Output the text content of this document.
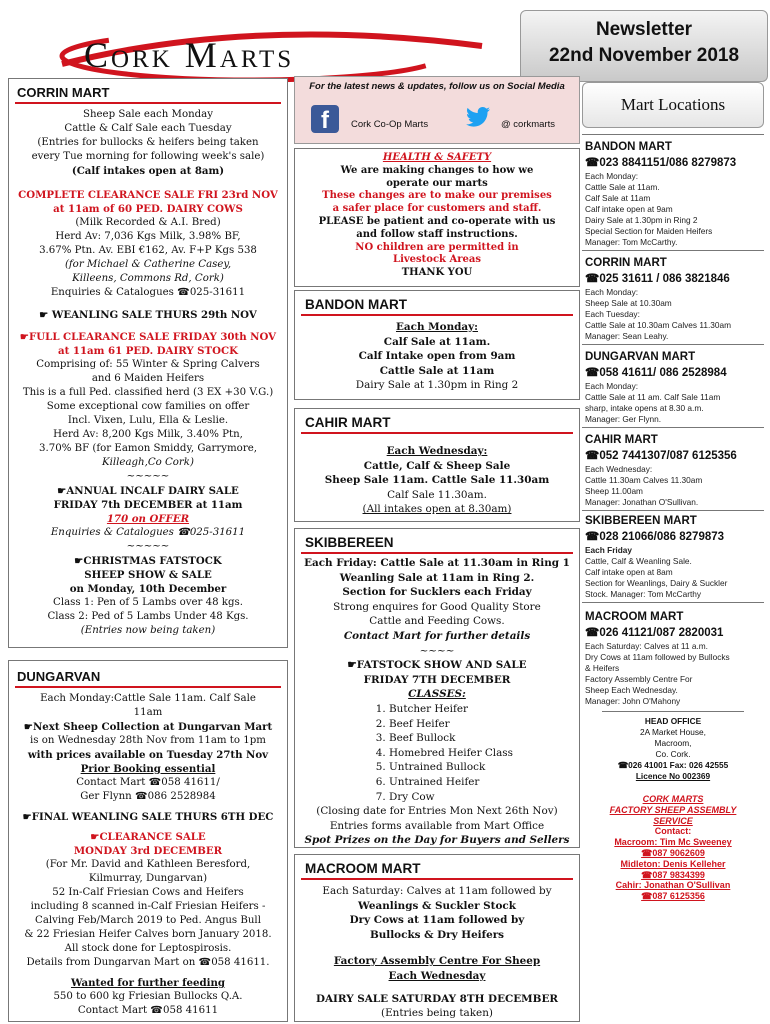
Cork Marts
Newsletter
22nd November 2018
CORRIN MART
Sheep Sale each Monday
Cattle & Calf Sale each Tuesday
(Entries for bullocks & heifers being taken
every Tue morning for following week's sale)
(Calf intakes open at 8am)
COMPLETE CLEARANCE SALE FRI 23rd NOV
at 11am of 60 PED. DAIRY COWS
(Milk Recorded & A.I. Bred)
Herd Av: 7,036 Kgs Milk, 3.98% BF,
3.67% Ptn. Av. EBI €162, Av. F+P Kgs 538
(for Michael & Catherine Casey,
Killeens, Commons Rd, Cork)
Enquiries & Catalogues ☎025-31611
☛ WEANLING SALE THURS 29th NOV
☛FULL CLEARANCE SALE FRIDAY 30th NOV
at 11am 61 PED. DAIRY STOCK
Comprising of: 55 Winter & Spring Calvers
and 6 Maiden Heifers
This is a full Ped. classified herd (3 EX +30 V.G.)
Some exceptional cow families on offer
Incl. Vixen, Lulu, Ella & Leslie.
Herd Av: 8,200 Kgs Milk, 3.40% Ptn,
3.70% BF (for Eamon Smiddy, Garrymore,
Killeagh,Co Cork)
~~~~~
☛ANNUAL INCALF DAIRY SALE
FRIDAY 7th DECEMBER at 11am
170 on OFFER
Enquiries & Catalogues ☎025-31611
~~~~~
☛CHRISTMAS FATSTOCK
SHEEP SHOW & SALE
on Monday, 10th December
Class 1: Pen of 5 Lambs over 48 kgs.
Class 2: Ped of 5 Lambs Under 48 Kgs.
(Entries now being taken)
DUNGARVAN
Each Monday:Cattle Sale 11am. Calf Sale
11am
☛Next Sheep Collection at Dungarvan Mart
is on Wednesday 28th Nov from 11am to 1pm
with prices available on Tuesday 27th Nov
Prior Booking essential
Contact Mart ☎058 41611/
Ger Flynn ☎086 2528984
☛FINAL WEANLING SALE THURS 6TH DEC
☛CLEARANCE SALE
MONDAY 3rd DECEMBER
(For Mr. David and Kathleen Beresford,
Kilmurray, Dungarvan)
52 In-Calf Friesian Cows and Heifers
including 8 scanned in-Calf Friesian Heifers -
Calving Feb/March 2019 to Ped. Angus Bull
& 22 Friesian Heifer Calves born January 2018.
All stock done for Leptospirosis.
Details from Dungarvan Mart on ☎058 41611.
Wanted for further feeding
550 to 600 kg Friesian Bullocks Q.A.
Contact Mart ☎058 41611
For the latest news & updates, follow us on Social Media
f	Cork Co-Op Marts	@ corkmarts
HEALTH & SAFETY
We are making changes to how we
operate our marts
These changes are to make our premises
a safer place for customers and staff.
PLEASE be patient and co-operate with us
and follow staff instructions.
NO children are permitted in
Livestock Areas
THANK YOU
BANDON MART
Each Monday:
Calf Sale at 11am.
Calf Intake open from 9am
Cattle Sale at 11am
Dairy Sale at 1.30pm in Ring 2
CAHIR MART
Each Wednesday:
Cattle, Calf & Sheep Sale
Sheep Sale 11am. Cattle Sale 11.30am
Calf Sale 11.30am.
(All intakes open at 8.30am)
SKIBBEREEN
Each Friday: Cattle Sale at 11.30am in Ring 1
Weanling Sale at 11am in Ring 2.
Section for Sucklers each Friday
Strong enquires for Good Quality Store
Cattle and Feeding Cows.
Contact Mart for further details
~~~~
☛FATSTOCK SHOW AND SALE
FRIDAY 7TH DECEMBER
CLASSES:
1. Butcher Heifer
2. Beef Heifer
3. Beef Bullock
4. Homebred Heifer Class
5. Untrained Bullock
6. Untrained Heifer
7. Dry Cow
(Closing date for Entries Mon Next 26th Nov)
Entries forms available from Mart Office
Spot Prizes on the Day for Buyers and Sellers
MACROOM MART
Each Saturday: Calves at 11am followed by
Weanlings & Suckler Stock
Dry Cows at 11am followed by
Bullocks & Dry Heifers
Factory Assembly Centre For Sheep
Each Wednesday
DAIRY SALE SATURDAY 8TH DECEMBER
(Entries being taken)
Mart Locations
BANDON MART
☎023 8841151/086 8279873
Each Monday:
Cattle Sale at 11am.
Calf Sale at 11am
Calf intake open at 9am
Dairy Sale at 1.30pm in Ring 2
Special Section for Maiden Heifers
Manager: Tom McCarthy.
CORRIN MART
☎025 31611 / 086 3821846
Each Monday:
Sheep Sale at 10.30am
Each Tuesday:
Cattle Sale at 10.30am Calves 11.30am
Manager: Sean Leahy.
DUNGARVAN MART
☎058 41611/ 086 2528984
Each Monday:
Cattle Sale at 11 am. Calf Sale 11am
sharp, intake opens at 8.30 a.m.
Manager: Ger Flynn.
CAHIR MART
☎052 7441307/087 6125356
Each Wednesday:
Cattle 11.30am Calves 11.30am
Sheep 11.00am
Manager: Jonathan O'Sullivan.
SKIBBEREEN MART
☎028 21066/086 8279873
Each Friday
Cattle, Calf & Weanling Sale.
Calf intake open at 8am
Section for Weanlings, Dairy & Suckler
Stock. Manager: Tom McCarthy
MACROOM MART
☎026 41121/087 2820031
Each Saturday: Calves at 11 a.m.
Dry Cows at 11am followed by Bullocks
& Heifers
Factory Assembly Centre For
Sheep Each Wednesday.
Manager: John O'Mahony
HEAD OFFICE
2A Market House,
Macroom,
Co. Cork.
☎026 41001 Fax: 026 42555
Licence No 002369
CORK MARTS
FACTORY SHEEP ASSEMBLY
SERVICE
Contact:
Macroom: Tim Mc Sweeney
☎087 9062609
Midleton: Denis Kelleher
☎087 9834399
Cahir: Jonathan O'Sullivan
☎087 6125356
